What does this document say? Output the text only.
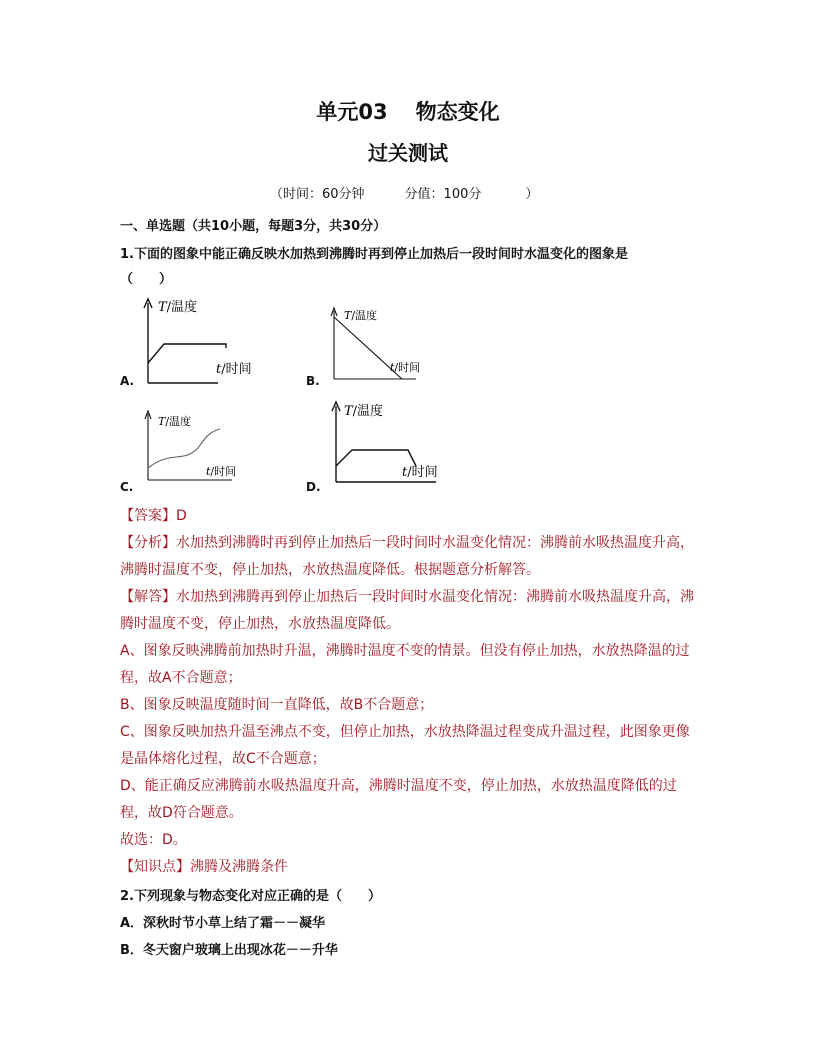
单元03 物态变化
过关测试
（时间：60分钟	分值：100分	）
一、单选题（共10小题，每题3分，共30分）
1.下面的图象中能正确反映水加热到沸腾时再到停止加热后一段时间时水温变化的图象是
（　　）
T/温度
t/时间
A.
T/温度
t/时间
B.
T/温度
t/时间
C.
T/温度
t/时间
D.
【答案】D
【分析】水加热到沸腾时再到停止加热后一段时间时水温变化情况：沸腾前水吸热温度升高，
沸腾时温度不变，停止加热，水放热温度降低。根据题意分析解答。
【解答】水加热到沸腾再到停止加热后一段时间时水温变化情况：沸腾前水吸热温度升高，沸
腾时温度不变，停止加热，水放热温度降低。
A、图象反映沸腾前加热时升温，沸腾时温度不变的情景。但没有停止加热，水放热降温的过
程，故A不合题意；
B、图象反映温度随时间一直降低，故B不合题意；
C、图象反映加热升温至沸点不变，但停止加热，水放热降温过程变成升温过程，此图象更像
是晶体熔化过程，故C不合题意；
D、能正确反应沸腾前水吸热温度升高，沸腾时温度不变，停止加热，水放热温度降低的过
程，故D符合题意。
故选：D。
【知识点】沸腾及沸腾条件
2.下列现象与物态变化对应正确的是（　　）
A．深秋时节小草上结了霜－－凝华
B．冬天窗户玻璃上出现冰花－－升华
